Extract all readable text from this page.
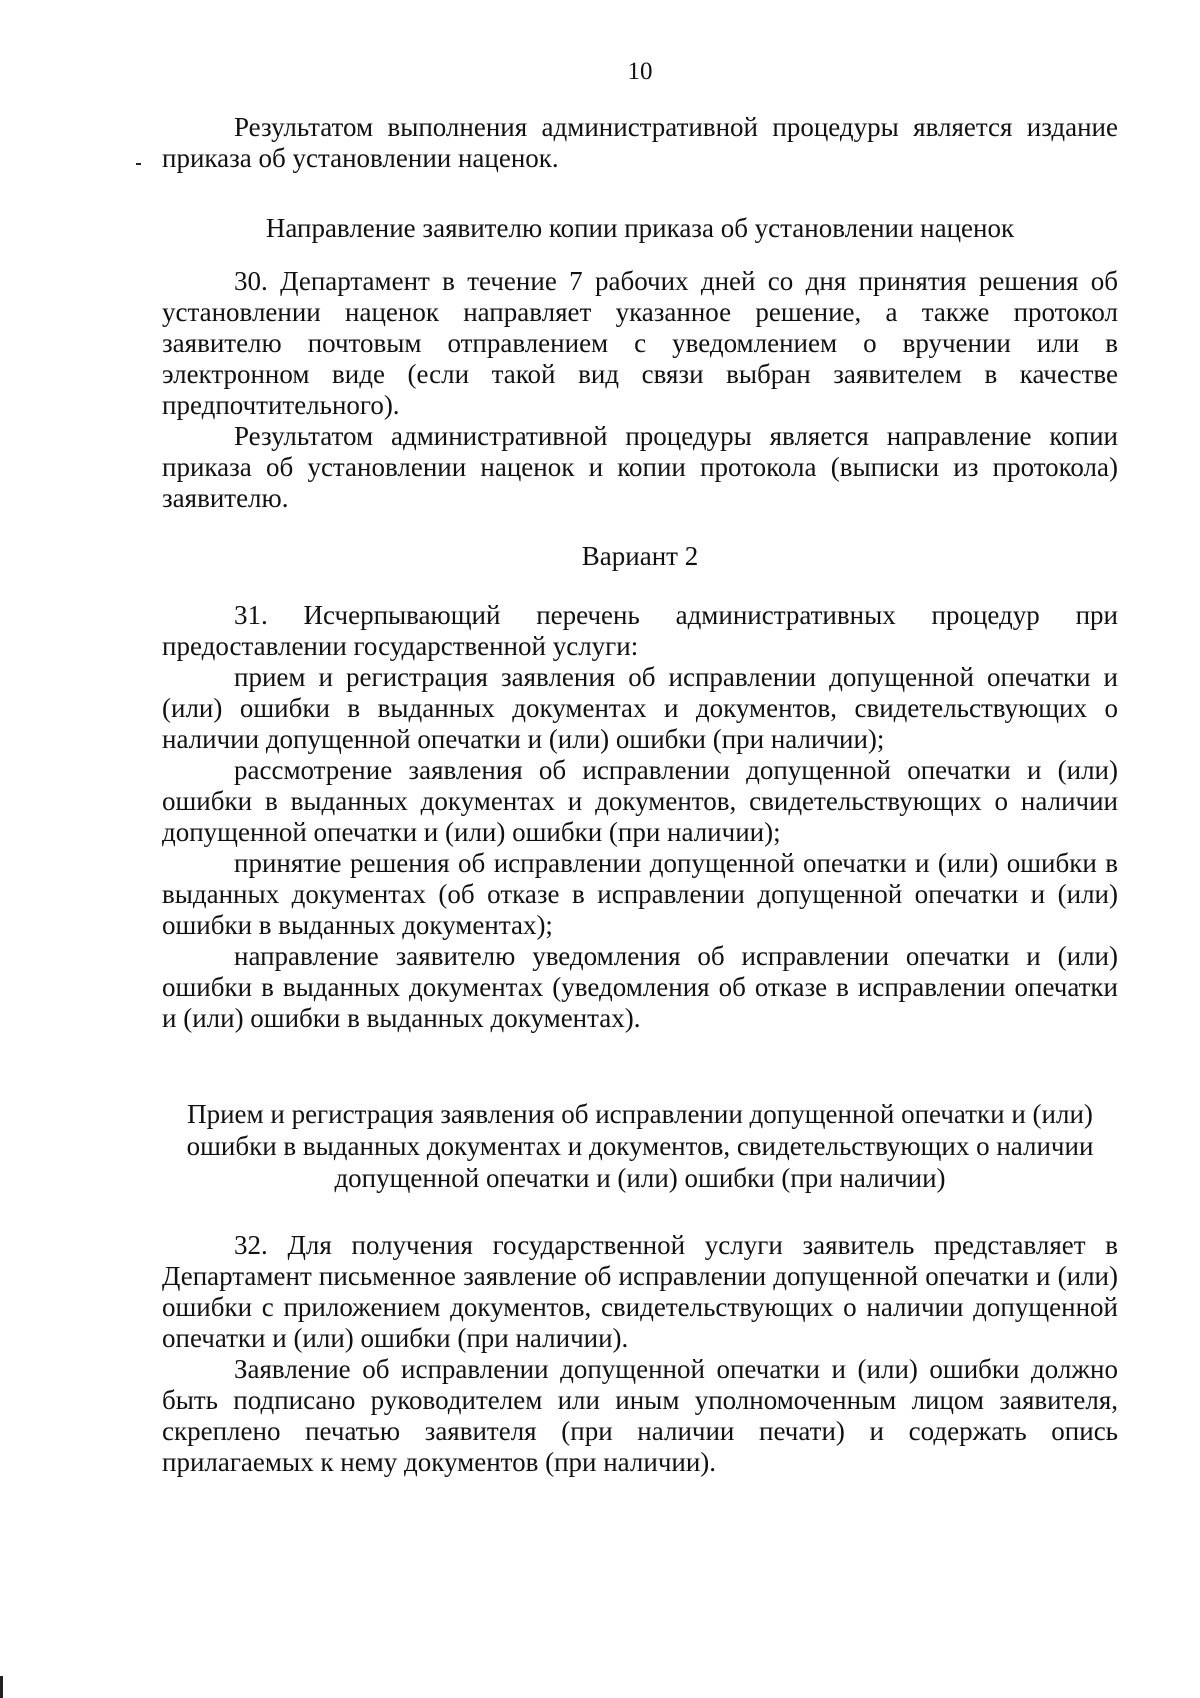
10

Результатом выполнения административной процедуры является издание приказа об установлении наценок.

Направление заявителю копии приказа об установлении наценок

30. Департамент в течение 7 рабочих дней со дня принятия решения об установлении наценок направляет указанное решение, а также протокол заявителю почтовым отправлением с уведомлением о вручении или в электронном виде (если такой вид связи выбран заявителем в качестве предпочтительного).

Результатом административной процедуры является направление копии приказа об установлении наценок и копии протокола (выписки из протокола) заявителю.

Вариант 2

31. Исчерпывающий перечень административных процедур при предоставлении государственной услуги:

прием и регистрация заявления об исправлении допущенной опечатки и (или) ошибки в выданных документах и документов, свидетельствующих о наличии допущенной опечатки и (или) ошибки (при наличии);

рассмотрение заявления об исправлении допущенной опечатки и (или) ошибки в выданных документах и документов, свидетельствующих о наличии допущенной опечатки и (или) ошибки (при наличии);

принятие решения об исправлении допущенной опечатки и (или) ошибки в выданных документах (об отказе в исправлении допущенной опечатки и (или) ошибки в выданных документах);

направление заявителю уведомления об исправлении опечатки и (или) ошибки в выданных документах (уведомления об отказе в исправлении опечатки и (или) ошибки в выданных документах).

Прием и регистрация заявления об исправлении допущенной опечатки и (или) ошибки в выданных документах и документов, свидетельствующих о наличии допущенной опечатки и (или) ошибки (при наличии)

32. Для получения государственной услуги заявитель представляет в Департамент письменное заявление об исправлении допущенной опечатки и (или) ошибки с приложением документов, свидетельствующих о наличии допущенной опечатки и (или) ошибки (при наличии).

Заявление об исправлении допущенной опечатки и (или) ошибки должно быть подписано руководителем или иным уполномоченным лицом заявителя, скреплено печатью заявителя (при наличии печати) и содержать опись прилагаемых к нему документов (при наличии).
